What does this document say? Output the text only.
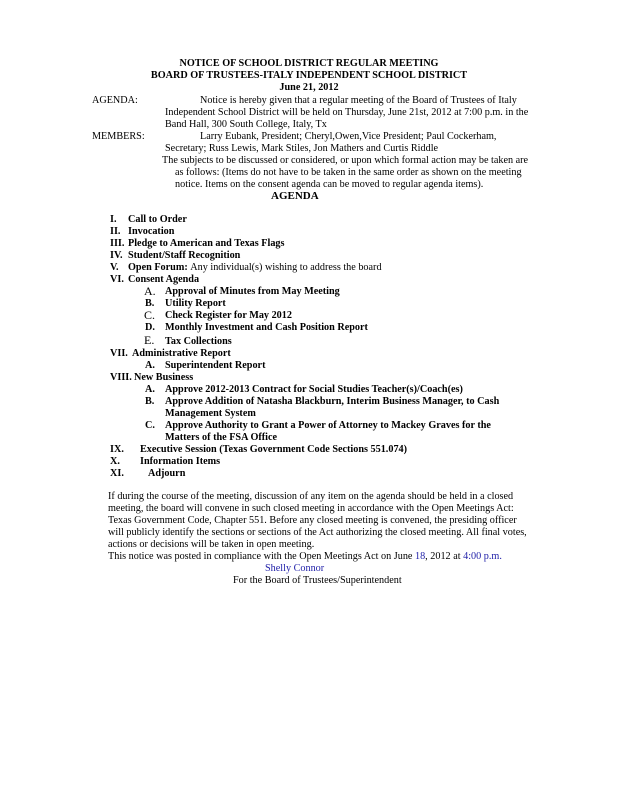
NOTICE OF SCHOOL DISTRICT REGULAR MEETING
BOARD OF TRUSTEES-ITALY INDEPENDENT SCHOOL DISTRICT
June 21, 2012
AGENDA:	Notice is hereby given that a regular meeting of the Board of Trustees of Italy
Independent School District will be held on Thursday, June 21st, 2012 at 7:00 p.m. in the
Band Hall, 300 South College, Italy, Tx
MEMBERS:	Larry Eubank, President; Cheryl,Owen,Vice President; Paul Cockerham,
Secretary; Russ Lewis, Mark Stiles, Jon Mathers and Curtis Riddle
The subjects to be discussed or considered, or upon which formal action may be taken are
as follows: (Items do not have to be taken in the same order as shown on the meeting
notice. Items on the consent agenda can be moved to regular agenda items).
AGENDA
I. Call to Order
II. Invocation
III. Pledge to American and Texas Flags
IV. Student/Staff Recognition
V. Open Forum: Any individual(s) wishing to address the board
VI. Consent Agenda
A. Approval of Minutes from May Meeting
B. Utility Report
C. Check Register for May 2012
D. Monthly Investment and Cash Position Report
E. Tax Collections
VII. Administrative Report
A. Superintendent Report
VIII. New Business
A. Approve 2012-2013 Contract for Social Studies Teacher(s)/Coach(es)
B. Approve Addition of Natasha Blackburn, Interim Business Manager, to Cash
Management System
C. Approve Authority to Grant a Power of Attorney to Mackey Graves for the
Matters of the FSA Office
IX. Executive Session (Texas Government Code Sections 551.074)
X. Information Items
XI. Adjourn
If during the course of the meeting, discussion of any item on the agenda should be held in a closed
meeting, the board will convene in such closed meeting in accordance with the Open Meetings Act:
Texas Government Code, Chapter 551. Before any closed meeting is convened, the presiding officer
will publicly identify the sections or sections of the Act authorizing the closed meeting. All final votes,
actions or decisions will be taken in open meeting.
This notice was posted in compliance with the Open Meetings Act on June 18, 2012 at 4:00 p.m.
Shelly Connor
For the Board of Trustees/Superintendent
